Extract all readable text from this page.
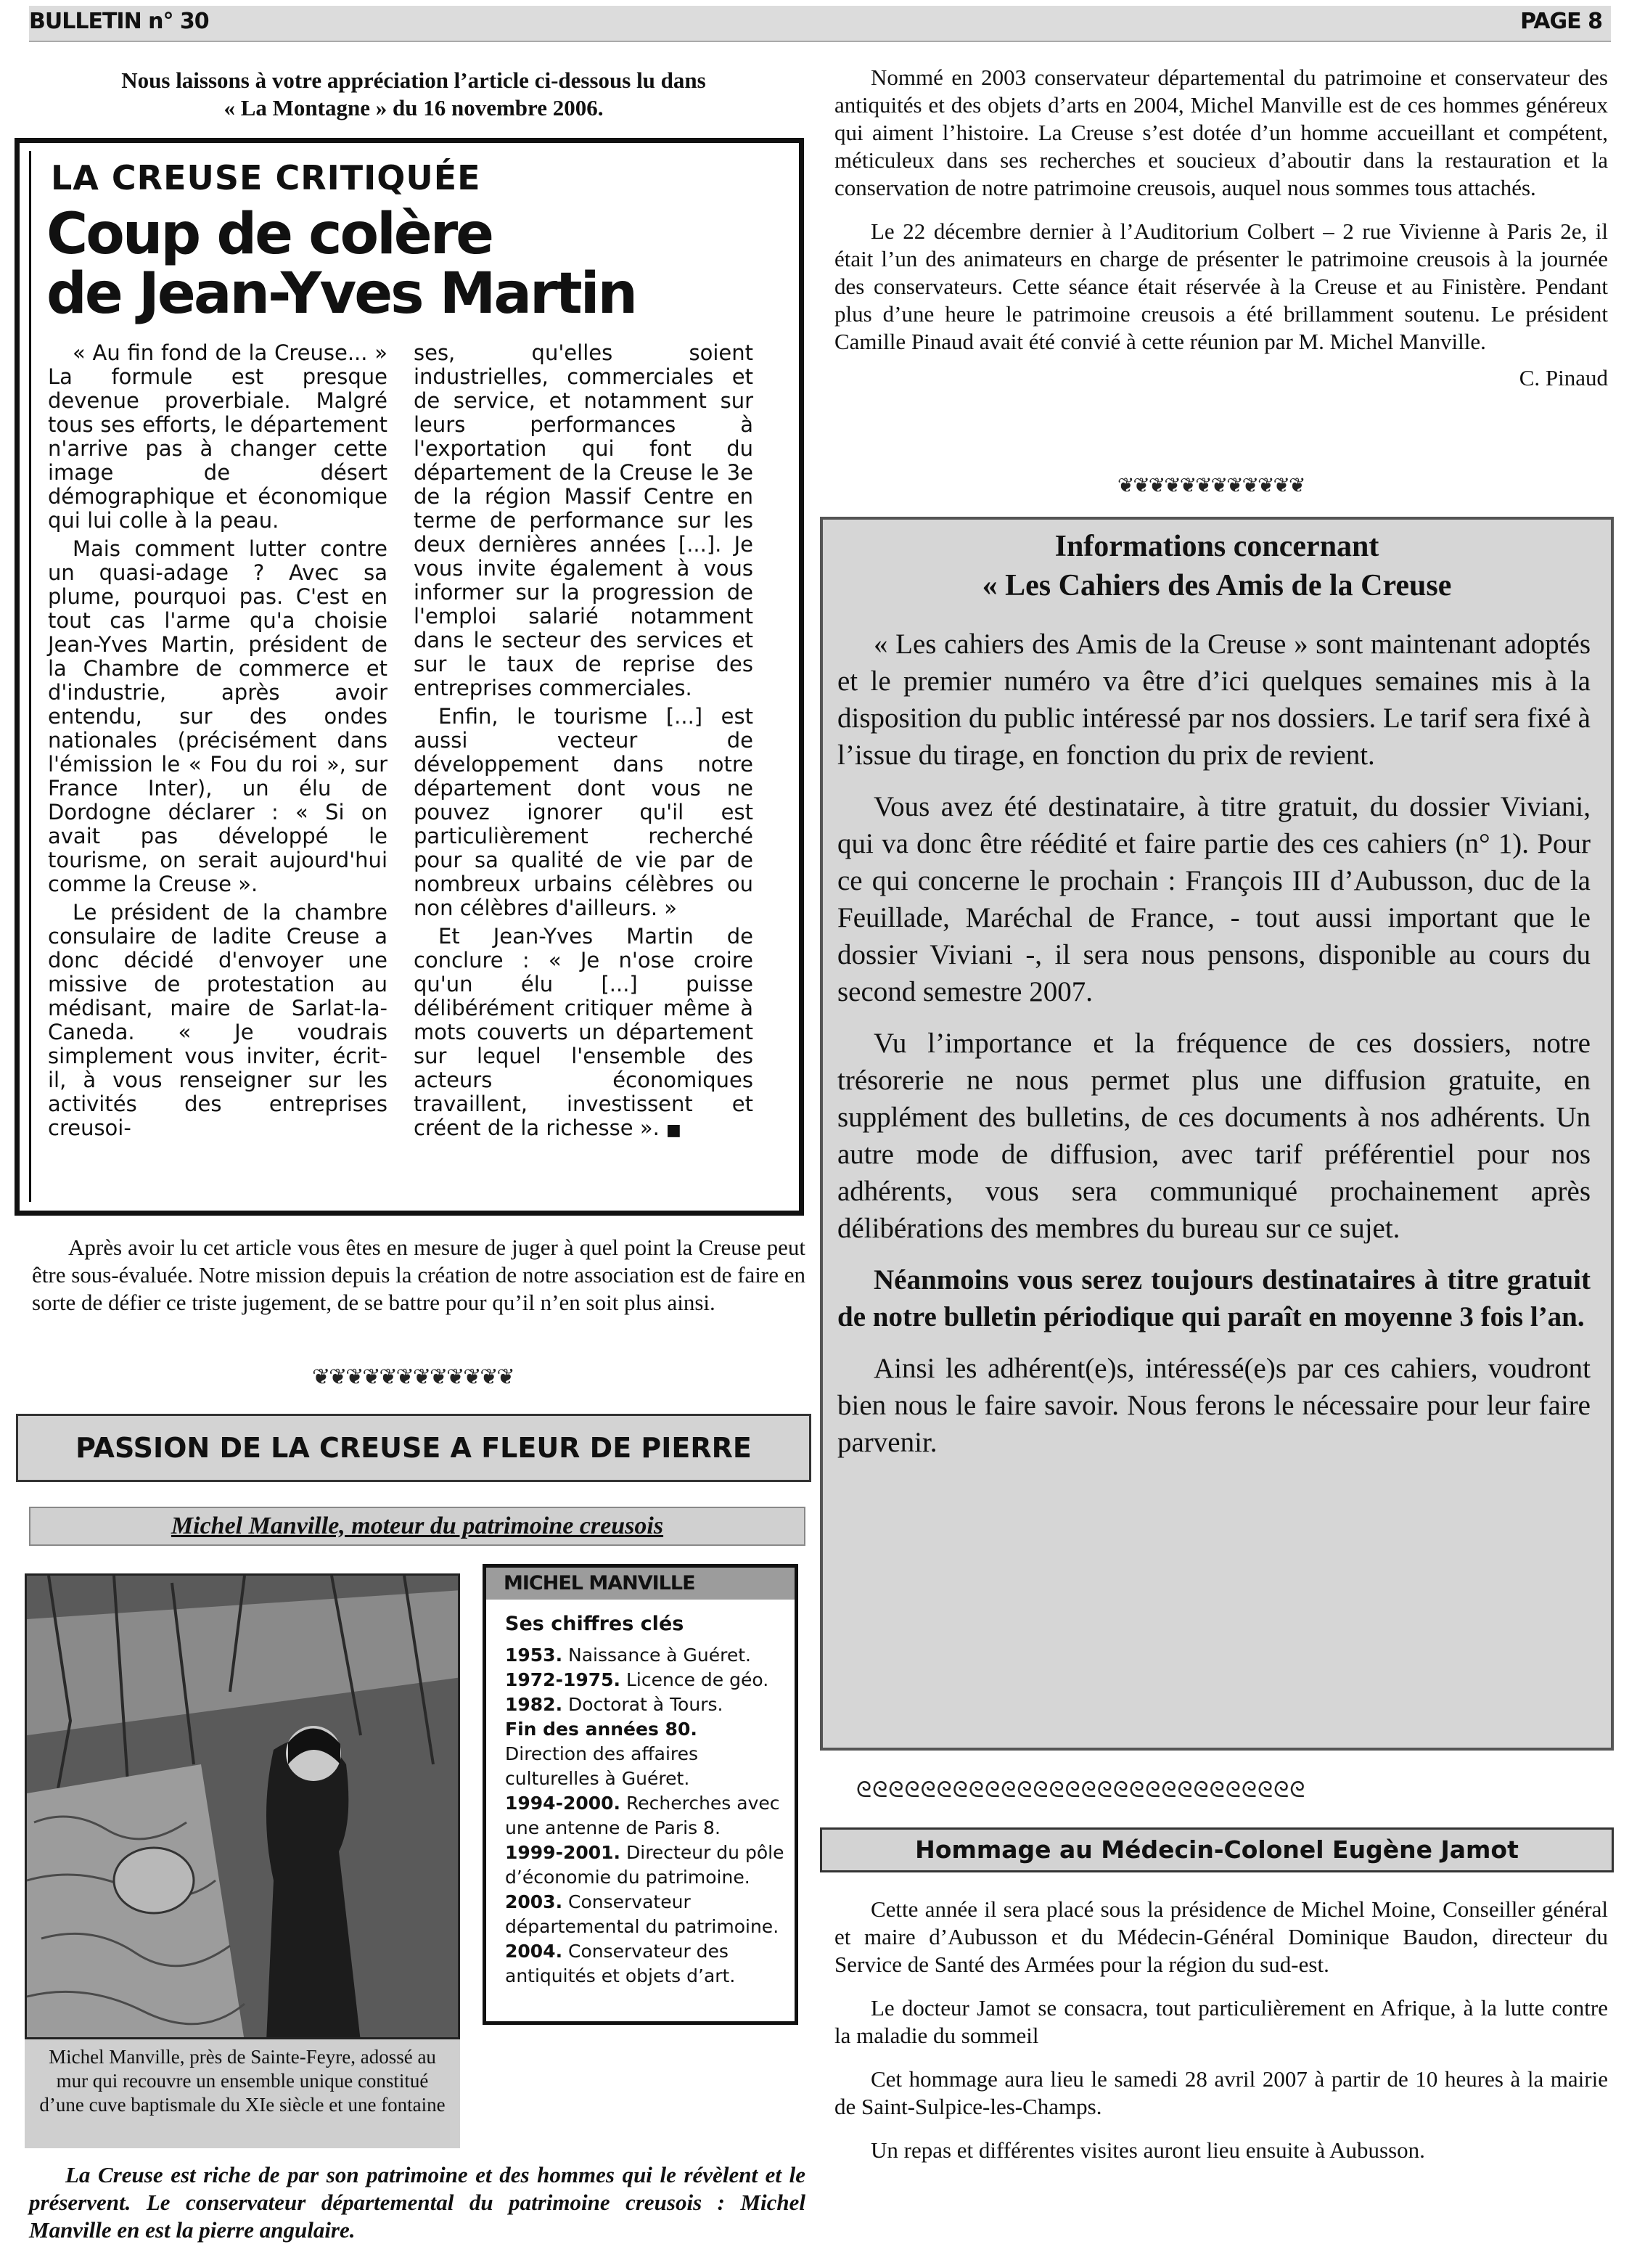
BULLETIN n° 30	PAGE 8
Nous laissons à votre appréciation l’article ci-dessous lu dans
« La Montagne » du 16 novembre 2006.
LA CREUSE CRITIQUÉE
Coup de colère
de Jean-Yves Martin

« Au fin fond de la Creuse... » La formule est presque devenue proverbiale. Malgré tous ses efforts, le département n'arrive pas à changer cette image de désert démographique et économique qui lui colle à la peau.

Mais comment lutter contre un quasi-adage ? Avec sa plume, pourquoi pas. C'est en tout cas l'arme qu'a choisie Jean-Yves Martin, président de la Chambre de commerce et d'industrie, après avoir entendu, sur des ondes nationales (précisément dans l'émission le « Fou du roi », sur France Inter), un élu de Dordogne déclarer : « Si on avait pas développé le tourisme, on serait aujourd'hui comme la Creuse ».

Le président de la chambre consulaire de ladite Creuse a donc décidé d'envoyer une missive de protestation au médisant, maire de Sarlat-la-Caneda. « Je voudrais simplement vous inviter, écrit-il, à vous renseigner sur les activités des entreprises creusoi-

ses, qu'elles soient industrielles, commerciales et de service, et notamment sur leurs performances à l'exportation qui font du département de la Creuse le 3e de la région Massif Centre en terme de performance sur les deux dernières années [...]. Je vous invite également à vous informer sur la progression de l'emploi salarié notamment dans le secteur des services et sur le taux de reprise des entreprises commerciales.

Enfin, le tourisme [...] est aussi vecteur de développement dans notre département dont vous ne pouvez ignorer qu'il est particulièrement recherché pour sa qualité de vie par de nombreux urbains célèbres ou non célèbres d'ailleurs. »

Et Jean-Yves Martin de conclure : « Je n'ose croire qu'un élu [...] puisse délibérément critiquer même à mots couverts un département sur lequel l'ensemble des acteurs économiques travaillent, investissent et créent de la richesse ». ■

Après avoir lu cet article vous êtes en mesure de juger à quel point la Creuse peut être sous-évaluée. Notre mission depuis la création de notre association est de faire en sorte de défier ce triste jugement, de se battre pour qu’il n’en soit plus ainsi.
❦❦❦❦❦❦❦❦❦❦❦❦
PASSION DE LA CREUSE A FLEUR DE PIERRE
Michel Manville, moteur du patrimoine creusois
Michel Manville, près de Sainte-Feyre, adossé au mur qui recouvre un ensemble unique constitué d’une cuve baptismale du XIe siècle et une fontaine
MICHEL MANVILLE
Ses chiffres clés

1953. Naissance à Guéret.

1972-1975. Licence de géo.

1982. Doctorat à Tours.

Fin des années 80. Direction des affaires culturelles à Guéret.

1994-2000. Recherches avec une antenne de Paris 8.

1999-2001. Directeur du pôle d’économie du patrimoine.

2003. Conservateur départemental du patrimoine.

2004. Conservateur des antiquités et objets d’art.

La Creuse est riche de par son patrimoine et des hommes qui le révèlent et le préservent. Le conservateur départemental du patrimoine creusois : Michel Manville en est la pierre angulaire.

Nommé en 2003 conservateur départemental du patrimoine et conservateur des antiquités et des objets d’arts en 2004, Michel Manville est de ces hommes généreux qui aiment l’histoire. La Creuse s’est dotée d’un homme accueillant et compétent, méticuleux dans ses recherches et soucieux d’aboutir dans la restauration et la conservation de notre patrimoine creusois, auquel nous sommes tous attachés.

Le 22 décembre dernier à l’Auditorium Colbert – 2 rue Vivienne à Paris 2e, il était l’un des animateurs en charge de présenter le patrimoine creusois à la journée des conservateurs. Cette séance était réservée à la Creuse et au Finistère. Pendant plus d’une heure le patrimoine creusois a été brillamment soutenu. Le président Camille Pinaud avait été convié à cette réunion par M. Michel Manville.

C. Pinaud
❦❦❦❦❦❦❦❦❦❦❦❦
Informations concernant
« Les Cahiers des Amis de la Creuse

« Les cahiers des Amis de la Creuse » sont maintenant adoptés et le premier numéro va être d’ici quelques semaines mis à la disposition du public intéressé par nos dossiers. Le tarif sera fixé à l’issue du tirage, en fonction du prix de revient.

Vous avez été destinataire, à titre gratuit, du dossier Viviani, qui va donc être réédité et faire partie des ces cahiers (n° 1). Pour ce qui concerne le prochain : François III d’Aubusson, duc de la Feuillade, Maréchal de France, - tout aussi important que le dossier Viviani -, il sera nous pensons, disponible au cours du second semestre 2007.

Vu l’importance et la fréquence de ces dossiers, notre trésorerie ne nous permet plus une diffusion gratuite, en supplément des bulletins, de ces documents à nos adhérents. Un autre mode de diffusion, avec tarif préférentiel pour nos adhérents, vous sera communiqué prochainement après délibérations des membres du bureau sur ce sujet.

Néanmoins vous serez toujours destinataires à titre gratuit de notre bulletin périodique qui paraît en moyenne 3 fois l’an.

Ainsi les adhérent(e)s, intéressé(e)s par ces cahiers, voudront bien nous le faire savoir. Nous ferons le nécessaire pour leur faire parvenir.

ᘓᘓᘓᘓᘓᘓᘓᘓᘓᘓᘓᘓᘓᘓᘓᘓᘓᘓᘓᘓᘓᘓᘓᘓᘓᘓᘓᘓ
Hommage au Médecin-Colonel Eugène Jamot

Cette année il sera placé sous la présidence de Michel Moine, Conseiller général et maire d’Aubusson et du Médecin-Général Dominique Baudon, directeur du Service de Santé des Armées pour la région du sud-est.

Le docteur Jamot se consacra, tout particulièrement en Afrique, à la lutte contre la maladie du sommeil

Cet hommage aura lieu le samedi 28 avril 2007 à partir de 10 heures à la mairie de Saint-Sulpice-les-Champs.

Un repas et différentes visites auront lieu ensuite à Aubusson.
